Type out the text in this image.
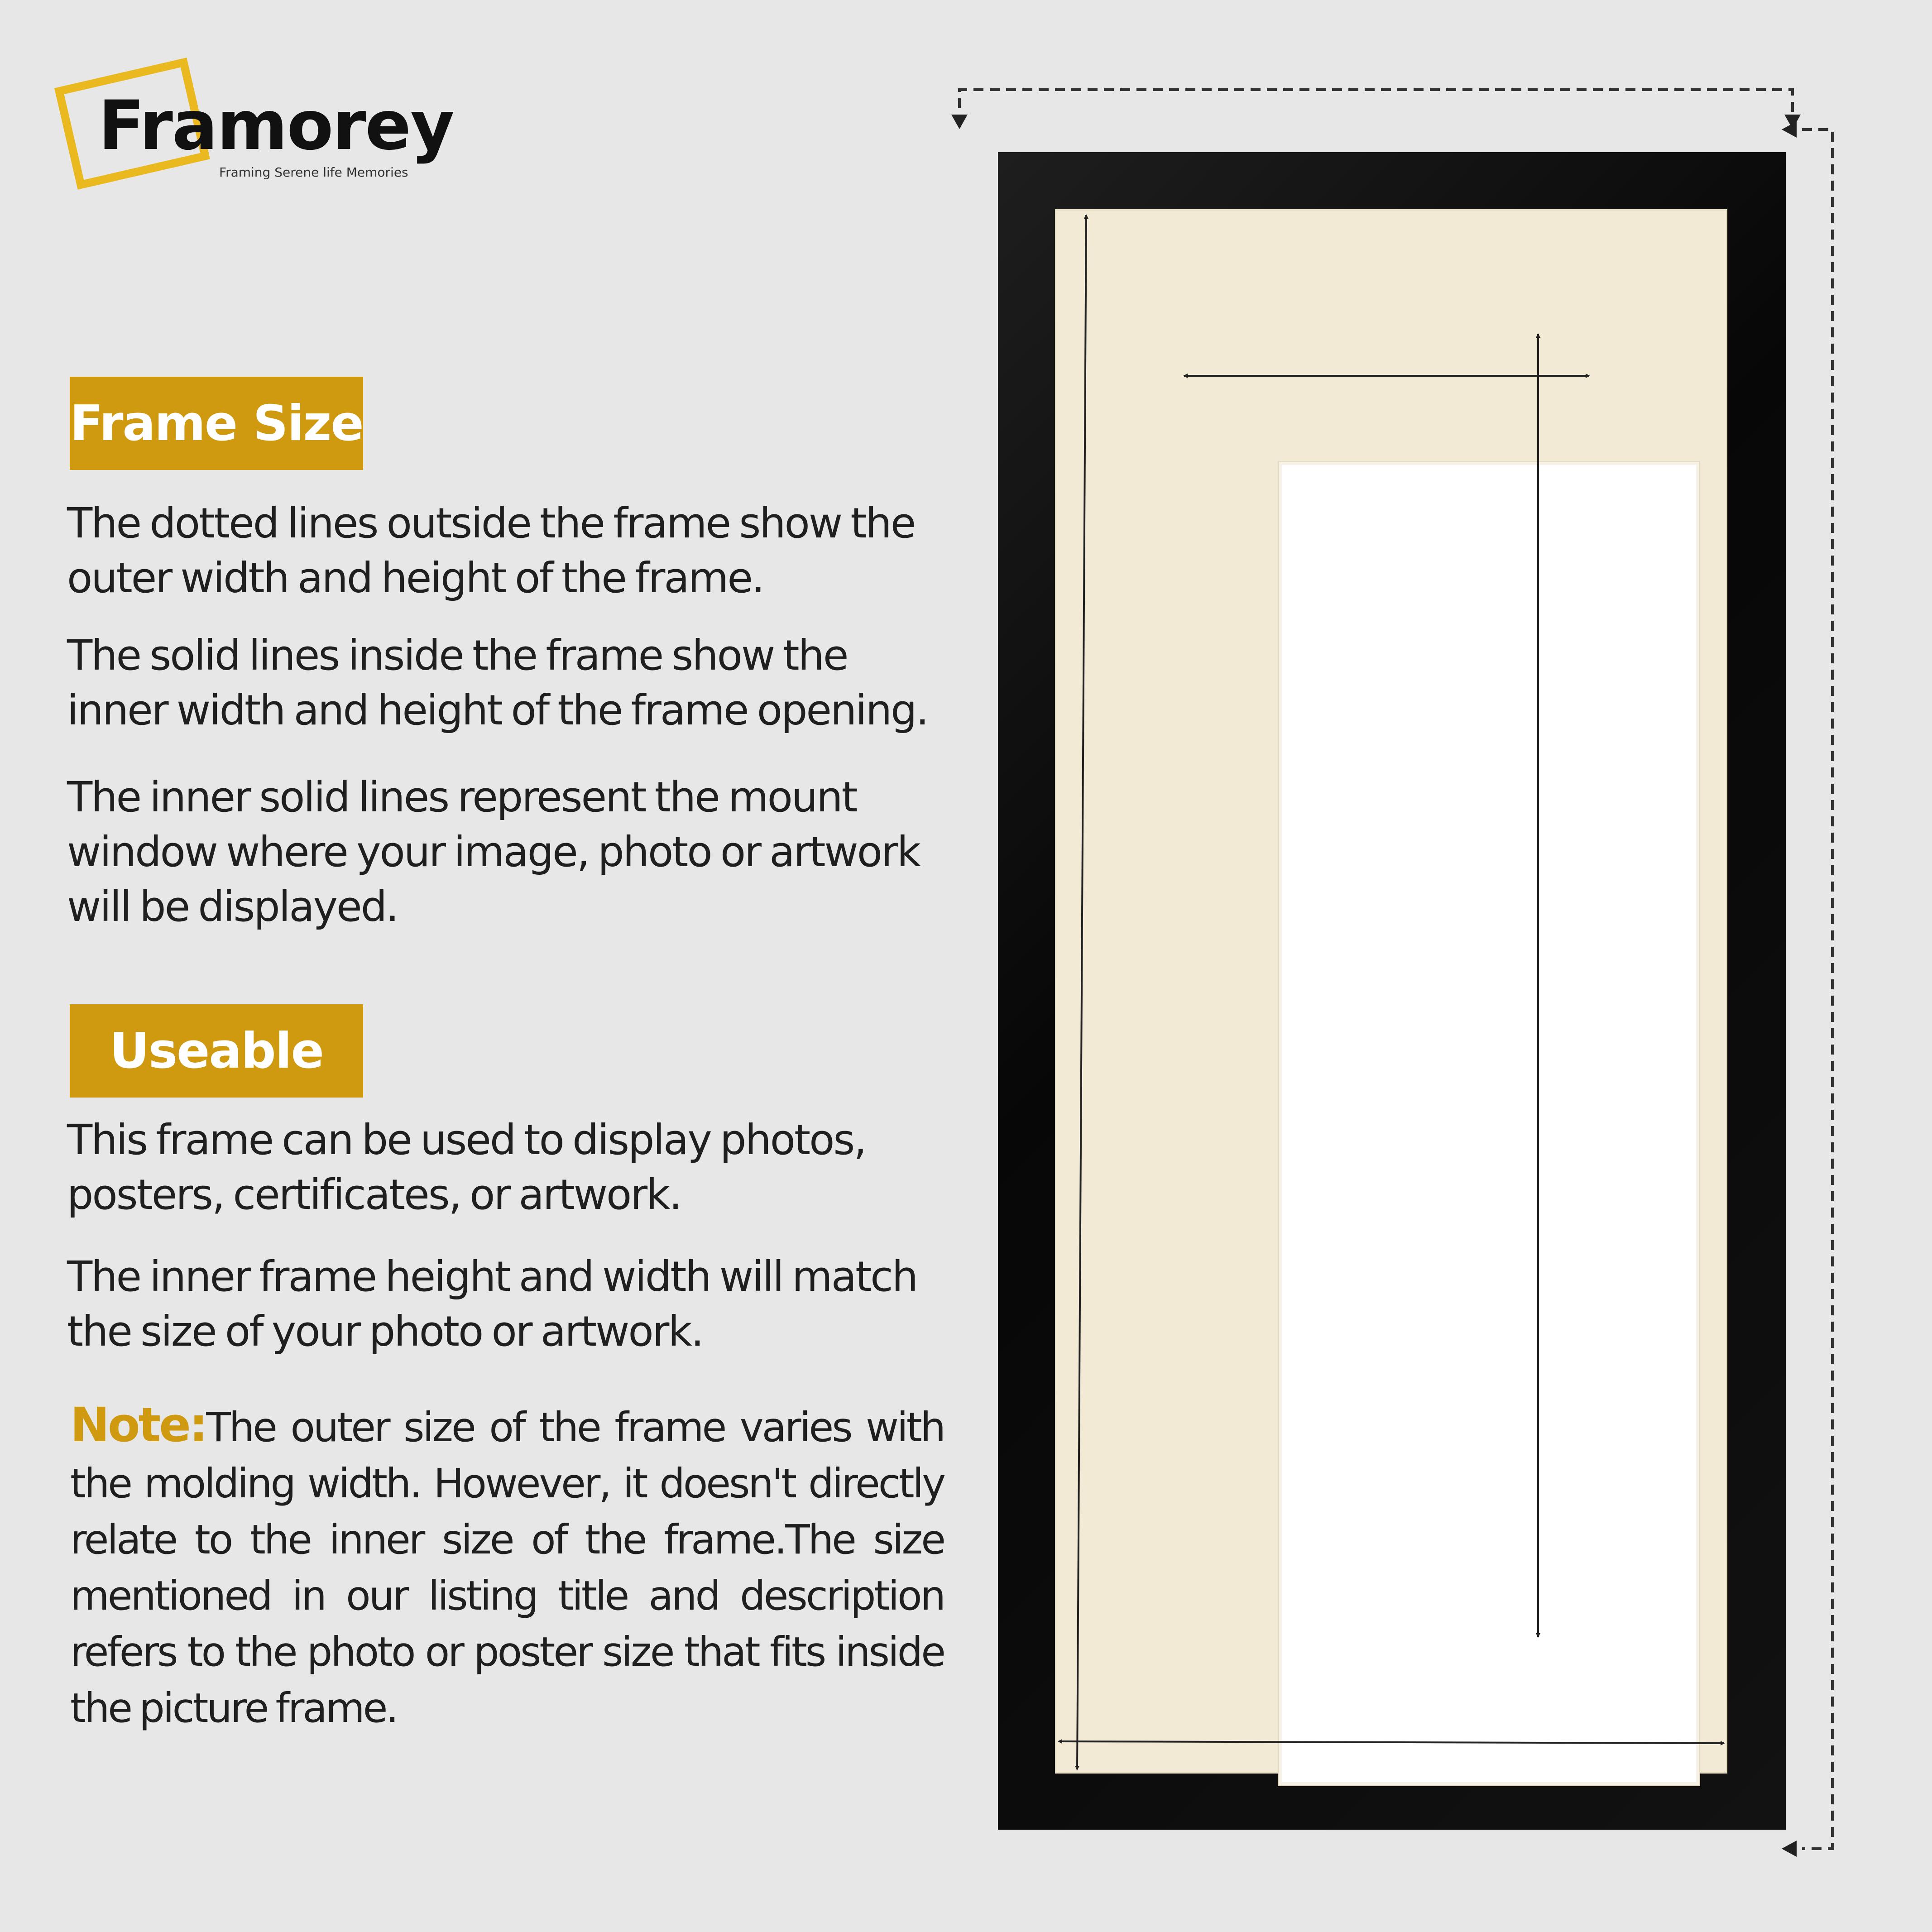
Framorey
Framing Serene life Memories
Frame Size

The dotted lines outside the frame show the outer width and height of the frame.

The solid lines inside the frame show the inner width and height of the frame opening.

The inner solid lines represent the mount window where your image, photo or artwork will be displayed.

Useable

This frame can be used to display photos, posters, certificates, or artwork.

The inner frame height and width will match the size of your photo or artwork.

Note:The outer size of the frame varies with the molding width. However, it doesn't directly relate to the inner size of the frame.The size mentioned in our listing title and description refers to the photo or poster size that fits inside the picture frame.
